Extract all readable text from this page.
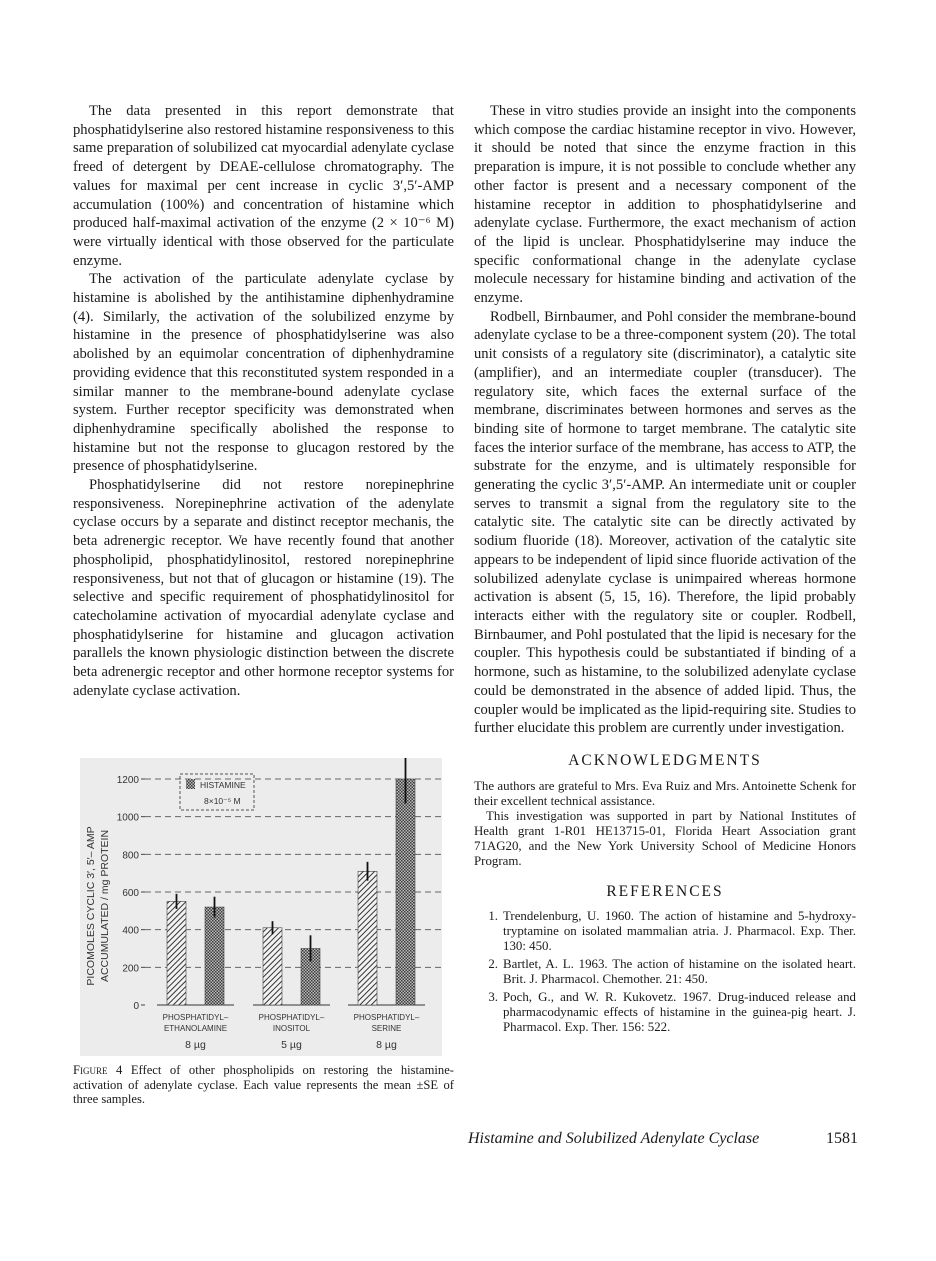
The data presented in this report demonstrate that phosphatidylserine also restored histamine responsiveness to this same preparation of solubilized cat myocardial adenylate cyclase freed of detergent by DEAE-cellulose chromatography. The values for maximal per cent increase in cyclic 3′,5′-AMP accumulation (100%) and concentration of histamine which produced half-maximal activation of the enzyme (2 × 10⁻⁶ M) were virtually identical with those observed for the particulate enzyme.

The activation of the particulate adenylate cyclase by histamine is abolished by the antihistamine diphenhydramine (4). Similarly, the activation of the solubilized enzyme by histamine in the presence of phosphatidylserine was also abolished by an equimolar concentration of diphenhydramine providing evidence that this reconstituted system responded in a similar manner to the membrane-bound adenylate cyclase system. Further receptor specificity was demonstrated when diphenhydramine specifically abolished the response to histamine but not the response to glucagon restored by the presence of phosphatidylserine.

Phosphatidylserine did not restore norepinephrine responsiveness. Norepinephrine activation of the adenylate cyclase occurs by a separate and distinct receptor mechanis, the beta adrenergic receptor. We have recently found that another phospholipid, phosphatidylinositol, restored norepinephrine responsiveness, but not that of glucagon or histamine (19). The selective and specific requirement of phosphatidylinositol for catecholamine activation of myocardial adenylate cyclase and phosphatidylserine for histamine and glucagon activation parallels the known physiologic distinction between the discrete beta adrenergic receptor and other hormone receptor systems for adenylate cyclase activation.

0
200
400
600
800
1000
1200
PHOSPHATIDYL–
ETHANOLAMINE
8 µg
PHOSPHATIDYL–
INOSITOL
5 µg
PHOSPHATIDYL–
SERINE
8 µg
HISTAMINE
8×10⁻⁵ M
PICOMOLES CYCLIC 3′, 5′– AMP ACCUMULATED / mg PROTEIN
Figure 4 Effect of other phospholipids on restoring the histamine-activation of adenylate cyclase. Each value represents the mean ±SE of three samples.

These in vitro studies provide an insight into the components which compose the cardiac histamine receptor in vivo. However, it should be noted that since the enzyme fraction in this preparation is impure, it is not possible to conclude whether any other factor is present and a necessary component of the histamine receptor in addition to phosphatidylserine and adenylate cyclase. Furthermore, the exact mechanism of action of the lipid is unclear. Phosphatidylserine may induce the specific conformational change in the adenylate cyclase molecule necessary for histamine binding and activation of the enzyme.

Rodbell, Birnbaumer, and Pohl consider the membrane-bound adenylate cyclase to be a three-component system (20). The total unit consists of a regulatory site (discriminator), a catalytic site (amplifier), and an intermediate coupler (transducer). The regulatory site, which faces the external surface of the membrane, discriminates between hormones and serves as the binding site of hormone to target membrane. The catalytic site faces the interior surface of the membrane, has access to ATP, the substrate for the enzyme, and is ultimately responsible for generating the cyclic 3′,5′-AMP. An intermediate unit or coupler serves to transmit a signal from the regulatory site to the catalytic site. The catalytic site can be directly activated by sodium fluoride (18). Moreover, activation of the catalytic site appears to be independent of lipid since fluoride activation of the solubilized adenylate cyclase is unimpaired whereas hormone activation is absent (5, 15, 16). Therefore, the lipid probably interacts either with the regulatory site or coupler. Rodbell, Birnbaumer, and Pohl postulated that the lipid is necesary for the coupler. This hypothesis could be substantiated if binding of a hormone, such as histamine, to the solubilized adenylate cyclase could be demonstrated in the absence of added lipid. Thus, the coupler would be implicated as the lipid-requiring site. Studies to further elucidate this problem are currently under investigation.

ACKNOWLEDGMENTS

The authors are grateful to Mrs. Eva Ruiz and Mrs. Antoinette Schenk for their excellent technical assistance.

This investigation was supported in part by National Institutes of Health grant 1-R01 HE13715-01, Florida Heart Association grant 71AG20, and the New York University School of Medicine Honors Program.

REFERENCES
1. Trendelenburg, U. 1960. The action of histamine and 5-hydroxy-tryptamine on isolated mammalian atria. J. Pharmacol. Exp. Ther. 130: 450.
2. Bartlet, A. L. 1963. The action of histamine on the isolated heart. Brit. J. Pharmacol. Chemother. 21: 450.
3. Poch, G., and W. R. Kukovetz. 1967. Drug-induced release and pharmacodynamic effects of histamine in the guinea-pig heart. J. Pharmacol. Exp. Ther. 156: 522.
Histamine and Solubilized Adenylate Cyclase	1581
